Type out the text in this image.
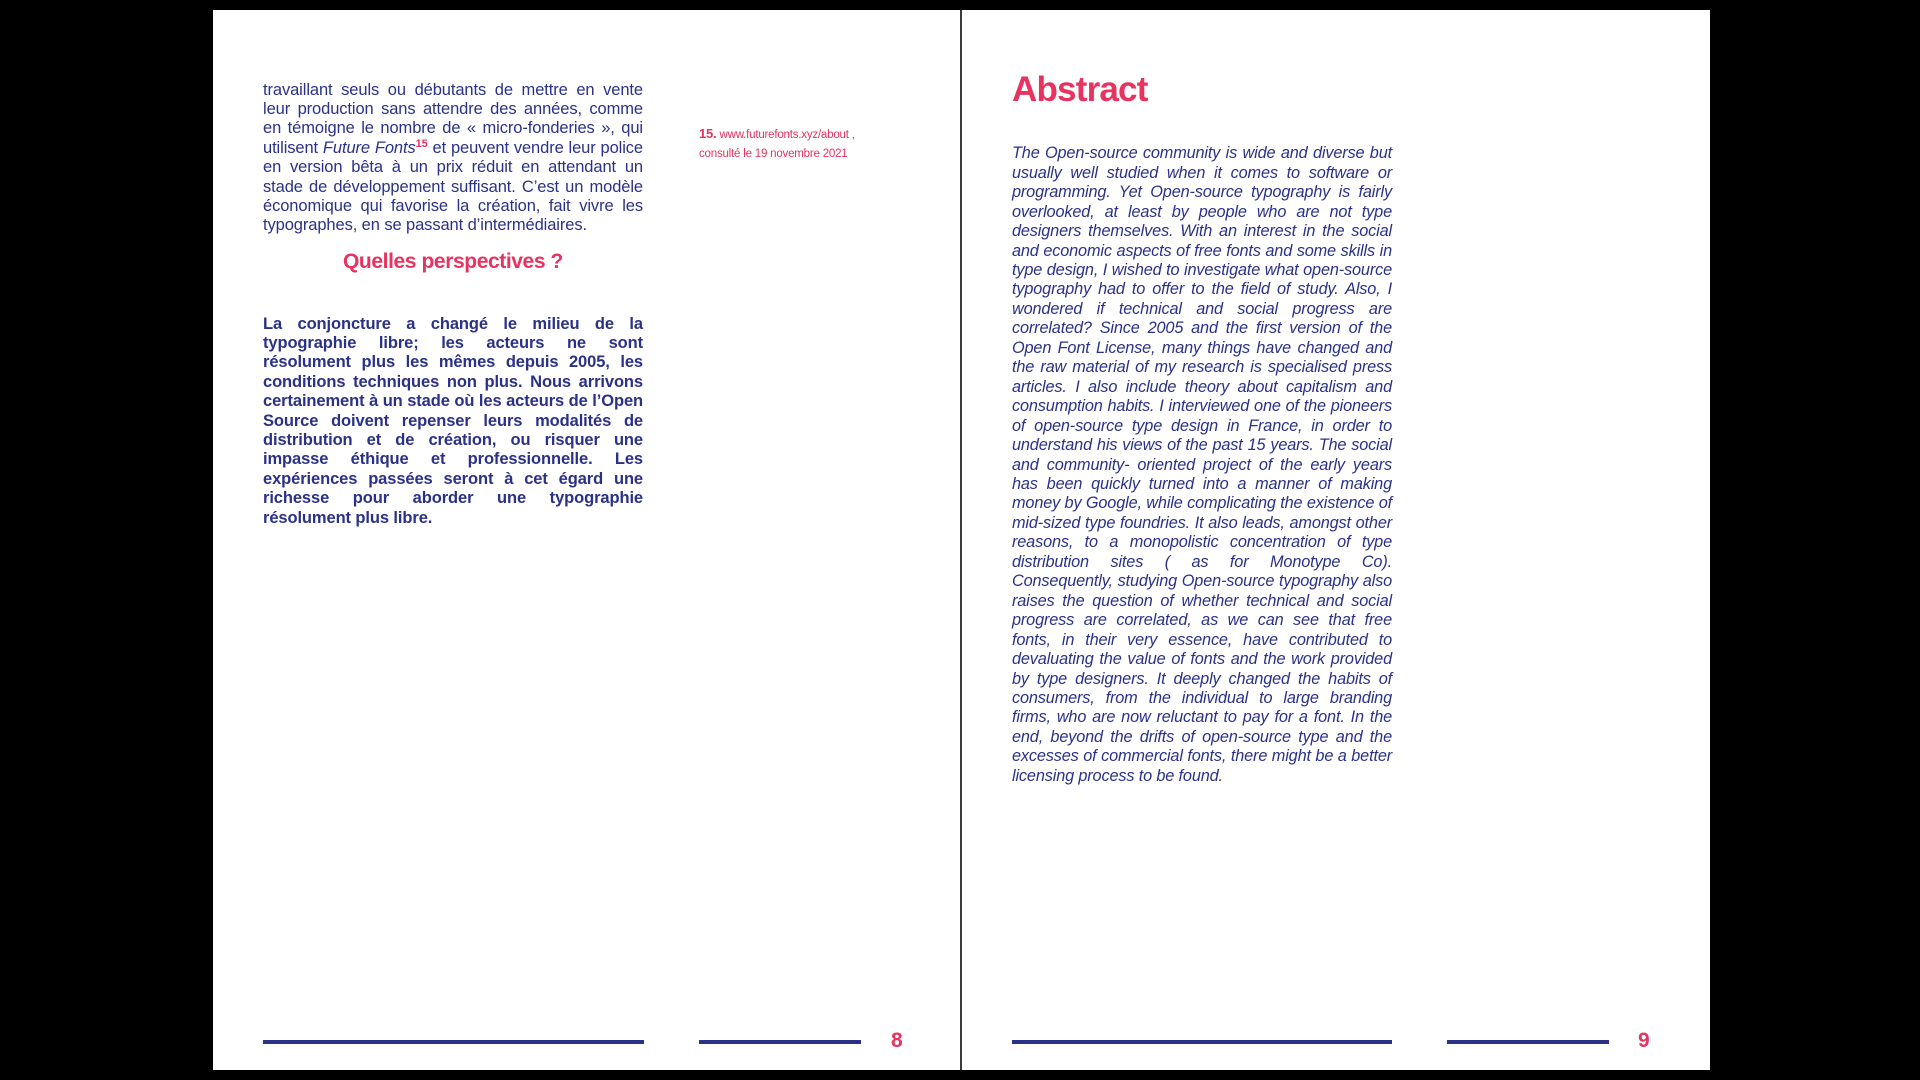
travaillant seuls ou débutants de mettre en vente leur production sans attendre des années, comme en témoigne le nombre de « micro-fonderies », qui utilisent Future Fonts$^{15}$ et peuvent vendre leur police en version bêta à un prix réduit en attendant un stade de développement suffisant. C’est un modèle économique qui favorise la création, fait vivre les typographes, en se passant d’intermédiaires.

15. www.futurefonts.xyz/about , consulté le 19 novembre 2021
Quelles perspectives ?

La conjoncture a changé le milieu de la typographie libre; les acteurs ne sont résolument plus les mêmes depuis 2005, les conditions techniques non plus. Nous arrivons certainement à un stade où les acteurs de l’Open Source doivent repenser leurs modalités de distribution et de création, ou risquer une impasse éthique et professionnelle. Les expériences passées seront à cet égard une richesse pour aborder une typographie résolument plus libre.

8
Abstract

The Open-source community is wide and diverse but usually well studied when it comes to software or programming. Yet Open-source typography is fairly overlooked, at least by people who are not type designers themselves. With an interest in the social and economic aspects of free fonts and some skills in type design, I wished to investigate what open-source typography had to offer to the field of study. Also, I wondered if technical and social progress are correlated? Since 2005 and the first version of the Open Font License, many things have changed and the raw material of my research is specialised press articles. I also include theory about capitalism and consumption habits. I interviewed one of the pioneers of open-source type design in France, in order to understand his views of the past 15 years. The social and community- oriented project of the early years has been quickly turned into a manner of making money by Google, while complicating the existence of mid-sized type foundries. It also leads, amongst other reasons, to a monopolistic concentration of type distribution sites ( as for Monotype Co). Consequently, studying Open-source typography also raises the question of whether technical and social progress are correlated, as we can see that free fonts, in their very essence, have contributed to devaluating the value of fonts and the work provided by type designers. It deeply changed the habits of consumers, from the individual to large branding firms, who are now reluctant to pay for a font. In the end, beyond the drifts of open-source type and the excesses of commercial fonts, there might be a better licensing process to be found.

9
